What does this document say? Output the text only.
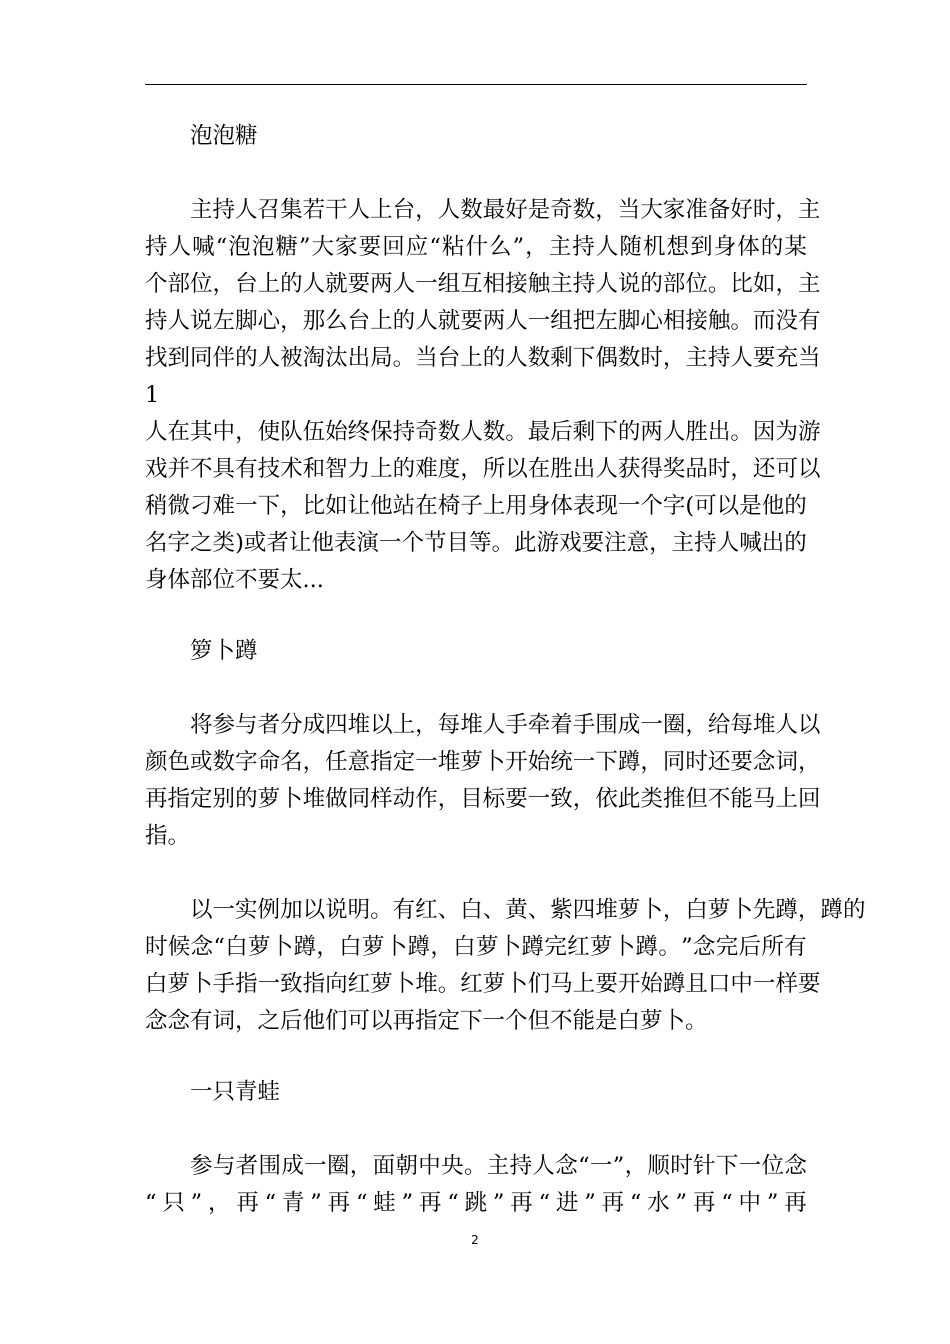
泡泡糖
主 持 人 召 集 若 干 人 上 台 ， 人 数 最 好 是 奇 数 ， 当 大 家 准 备 好 时 ， 主
持 人 喊 “ 泡 泡 糖 ” 大 家 要 回 应 “ 粘 什 么 ” ， 主 持 人 随 机 想 到 身 体 的 某
个 部 位 ， 台 上 的 人 就 要 两 人 一 组 互 相 接 触 主 持 人 说 的 部 位 。 比 如 ， 主
持 人 说 左 脚 心 ， 那 么 台 上 的 人 就 要 两 人 一 组 把 左 脚 心 相 接 触 。 而 没 有
找 到 同 伴 的 人 被 淘 汰 出 局 。 当 台 上 的 人 数 剩 下 偶 数 时 ， 主 持 人 要 充 当
1
人 在 其 中 ， 使 队 伍 始 终 保 持 奇 数 人 数 。 最 后 剩 下 的 两 人 胜 出 。 因 为 游
戏 并 不 具 有 技 术 和 智 力 上 的 难 度 ， 所 以 在 胜 出 人 获 得 奖 品 时 ， 还 可 以
稍 微 刁 难 一 下 ， 比 如 让 他 站 在 椅 子 上 用 身 体 表 现 一 个 字 ( 可 以 是 他 的
名 字 之 类 ) 或 者 让 他 表 演 一 个 节 目 等 。 此 游 戏 要 注 意 ， 主 持 人 喊 出 的
身体部位不要太...
箩卜蹲
将 参 与 者 分 成 四 堆 以 上 ， 每 堆 人 手 牵 着 手 围 成 一 圈 ， 给 每 堆 人 以
颜 色 或 数 字 命 名 ， 任 意 指 定 一 堆 萝 卜 开 始 统 一 下 蹲 ， 同 时 还 要 念 词 ，
再 指 定 别 的 萝 卜 堆 做 同 样 动 作 ， 目 标 要 一 致 ， 依 此 类 推 但 不 能 马 上 回
指。
以 一 实 例 加 以 说 明 。 有 红 、 白 、 黄 、 紫 四 堆 萝 卜 ， 白 萝 卜 先 蹲 ， 蹲 的
时 候 念 “ 白 萝 卜 蹲 ， 白 萝 卜 蹲 ， 白 萝 卜 蹲 完 红 萝 卜 蹲 。 ” 念 完 后 所 有
白 萝 卜 手 指 一 致 指 向 红 萝 卜 堆 。 红 萝 卜 们 马 上 要 开 始 蹲 且 口 中 一 样 要
念念有词，之后他们可以再指定下一个但不能是白萝卜。
一只青蛙
参 与 者 围 成 一 圈 ， 面 朝 中 央 。 主 持 人 念 “ 一 ” ， 顺 时 针 下 一 位 念
“ 只 ” ， 再 “ 青 ” 再 “ 蛙 ” 再 “ 跳 ” 再 “ 进 ” 再 “ 水 ” 再 “ 中 ” 再
2
